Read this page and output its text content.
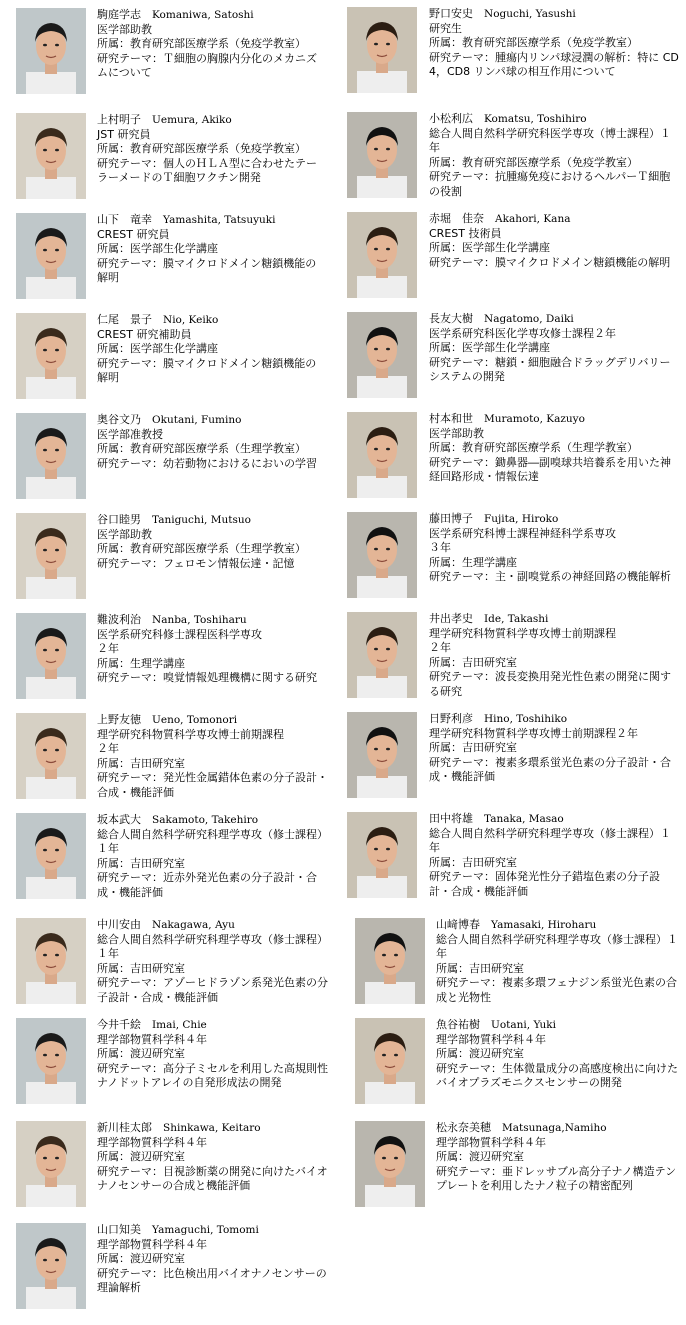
駒庭学志　 Komaniwa, Satoshi
医学部助教
所属：教育研究部医療学系（免疫学教室）
研究テーマ：Ｔ細胞の胸腺内分化のメカニズムについて
野口安史　 Noguchi, Yasushi
研究生
所属：教育研究部医療学系（免疫学教室）
研究テーマ：腫瘍内リンパ球浸潤の解析：特に CD4，CD8 リンパ球の相互作用について
上村明子　 Uemura, Akiko
JST 研究員
所属：教育研究部医療学系（免疫学教室）
研究テーマ：個人のＨＬＡ型に合わせたテーラーメードのＴ細胞ワクチン開発
小松利広　 Komatsu, Toshihiro
総合人間自然科学研究科医学専攻（博士課程）１年
所属：教育研究部医療学系（免疫学教室）
研究テーマ：抗腫瘍免疫におけるヘルパーＴ細胞の役割
山下　竜幸　 Yamashita, Tatsuyuki
CREST 研究員
所属：医学部生化学講座
研究テーマ：膜マイクロドメイン糖鎖機能の解明
赤堀　佳奈　 Akahori, Kana
CREST 技術員
所属：医学部生化学講座
研究テーマ：膜マイクロドメイン糖鎖機能の解明
仁尾　景子　 Nio, Keiko
CREST 研究補助員
所属：医学部生化学講座
研究テーマ：膜マイクロドメイン糖鎖機能の解明
長友大樹　 Nagatomo, Daiki
医学系研究科医化学専攻修士課程２年
所属：医学部生化学講座
研究テーマ：糖鎖・細胞融合ドラッグデリバリーシステムの開発
奥谷文乃　 Okutani, Fumino
医学部准教授
所属：教育研究部医療学系（生理学教室）
研究テーマ：幼若動物におけるにおいの学習
村本和世　 Muramoto, Kazuyo
医学部助教
所属：教育研究部医療学系（生理学教室）
研究テーマ：鋤鼻器―副嗅球共培養系を用いた神経回路形成・情報伝達
谷口睦男　 Taniguchi, Mutsuo
医学部助教
所属：教育研究部医療学系（生理学教室）
研究テーマ：フェロモン情報伝達・記憶
藤田博子　 Fujita, Hiroko
医学系研究科博士課程神経科学系専攻
３年
所属：生理学講座
研究テーマ：主・副嗅覚系の神経回路の機能解析
難波利治　 Nanba, Toshiharu
医学系研究科修士課程医科学専攻
２年
所属：生理学講座
研究テーマ：嗅覚情報処理機構に関する研究
井出孝史　 Ide, Takashi
理学研究科物質科学専攻博士前期課程
２年
所属：吉田研究室
研究テーマ：波長変換用発光性色素の開発に関する研究
上野友徳　 Ueno, Tomonori
理学研究科物質科学専攻博士前期課程
２年
所属：吉田研究室
研究テーマ：発光性金属錯体色素の分子設計・合成・機能評価
日野利彦　 Hino, Toshihiko
理学研究科物質科学専攻博士前期課程２年
所属：吉田研究室
研究テーマ：複素多環系蛍光色素の分子設計・合成・機能評価
坂本武大　 Sakamoto, Takehiro
総合人間自然科学研究科理学専攻（修士課程）１年
所属：吉田研究室
研究テーマ：近赤外発光色素の分子設計・合成・機能評価
田中将雄　 Tanaka, Masao
総合人間自然科学研究科理学専攻（修士課程）１年
所属：吉田研究室
研究テーマ：固体発光性分子錯塩色素の分子設計・合成・機能評価
中川安由　 Nakagawa, Ayu
総合人間自然科学研究科理学専攻（修士課程）１年
所属：吉田研究室
研究テーマ：アゾーヒドラゾン系発光色素の分子設計・合成・機能評価
山﨑博春　 Yamasaki, Hiroharu
総合人間自然科学研究科理学専攻（修士課程）１年
所属：吉田研究室
研究テーマ：複素多環フェナジン系蛍光色素の合成と光物性
今井千絵　 Imai, Chie
理学部物質科学科４年
所属：渡辺研究室
研究テーマ：高分子ミセルを利用した高規則性ナノドットアレイの自発形成法の開発
魚谷祐樹　 Uotani, Yuki
理学部物質科学科４年
所属：渡辺研究室
研究テーマ：生体微量成分の高感度検出に向けたバイオプラズモニクスセンサーの開発
新川桂太郎　 Shinkawa, Keitaro
理学部物質科学科４年
所属：渡辺研究室
研究テーマ：目視診断薬の開発に向けたバイオナノセンサーの合成と機能評価
松永奈美穂　 Matsunaga,Namiho
理学部物質科学科４年
所属：渡辺研究室
研究テーマ：亜ドレッサブル高分子ナノ構造テンプレートを利用したナノ粒子の精密配列
山口知美　 Yamaguchi, Tomomi
理学部物質科学科４年
所属：渡辺研究室
研究テーマ：比色検出用バイオナノセンサーの理論解析
